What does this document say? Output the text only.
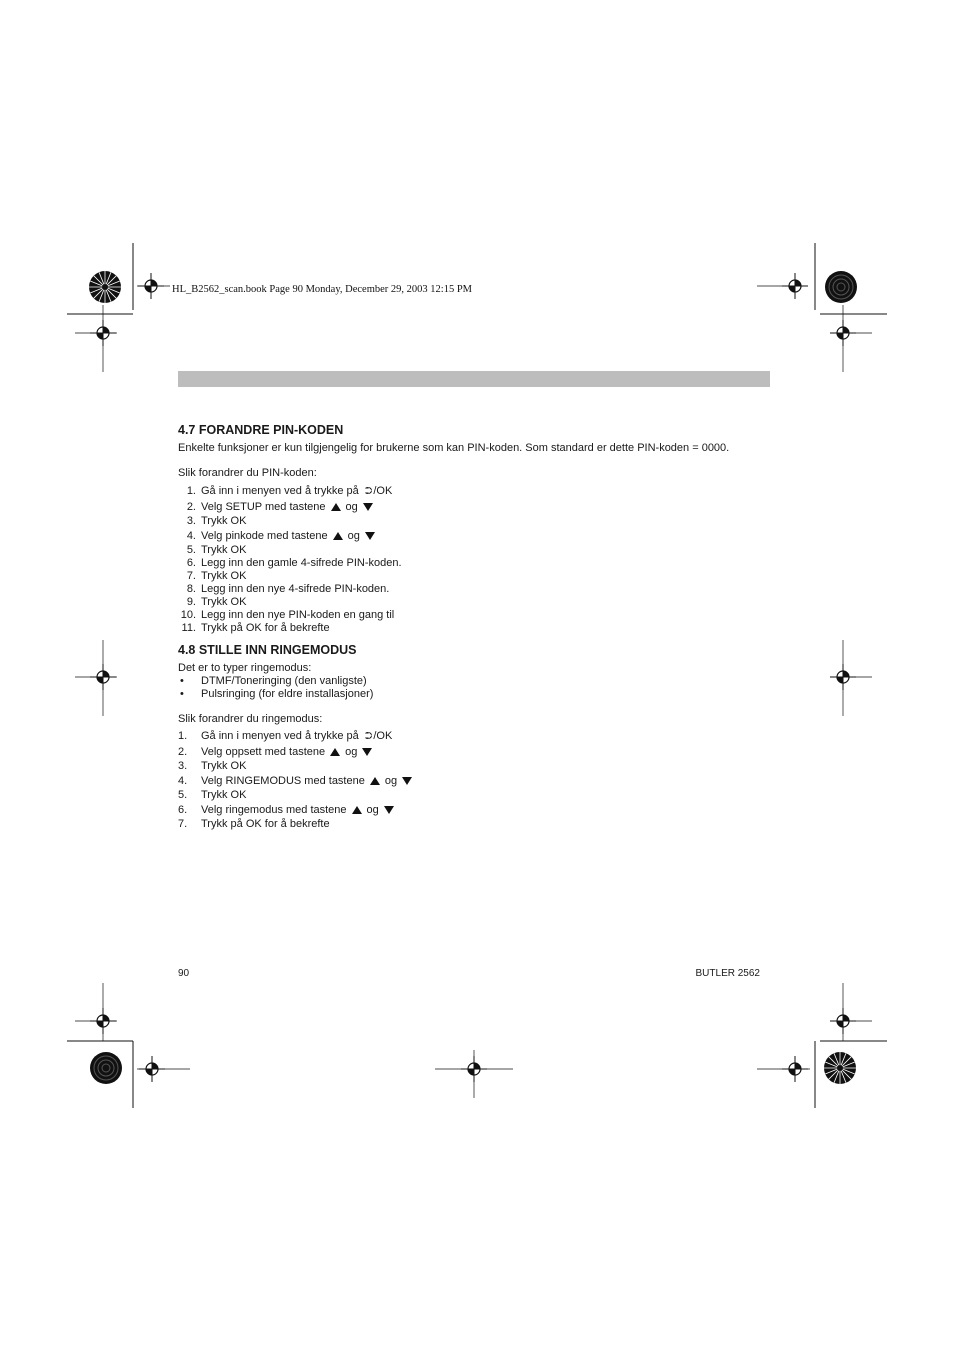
HL_B2562_scan.book Page 90 Monday, December 29, 2003 12:15 PM
4.7 FORANDRE PIN-KODEN

Enkelte funksjoner er kun tilgjengelig for brukerne som kan PIN-koden. Som standard er dette PIN-koden = 0000.

Slik forandrer du PIN-koden:

1. Gå inn i menyen ved å trykke på ⮊ /OK
2. Velg SETUP med tastene og
3. Trykk OK
4. Velg pinkode med tastene og
5. Trykk OK
6. Legg inn den gamle 4-sifrede PIN-koden.
7. Trykk OK
8. Legg inn den nye 4-sifrede PIN-koden.
9. Trykk OK
10. Legg inn den nye PIN-koden en gang til
11. Trykk på OK for å bekrefte
4.8 STILLE INN RINGEMODUS

Det er to typer ringemodus:

•	DTMF/Toneringing (den vanligste)
•	Pulsringing (for eldre installasjoner)

Slik forandrer du ringemodus:

1.	Gå inn i menyen ved å trykke på ⮊ /OK
2.	Velg oppsett med tastene og
3.	Trykk OK
4.	Velg RINGEMODUS med tastene og
5.	Trykk OK
6.	Velg ringemodus med tastene og
7.	Trykk på OK for å bekrefte
90	BUTLER 2562
